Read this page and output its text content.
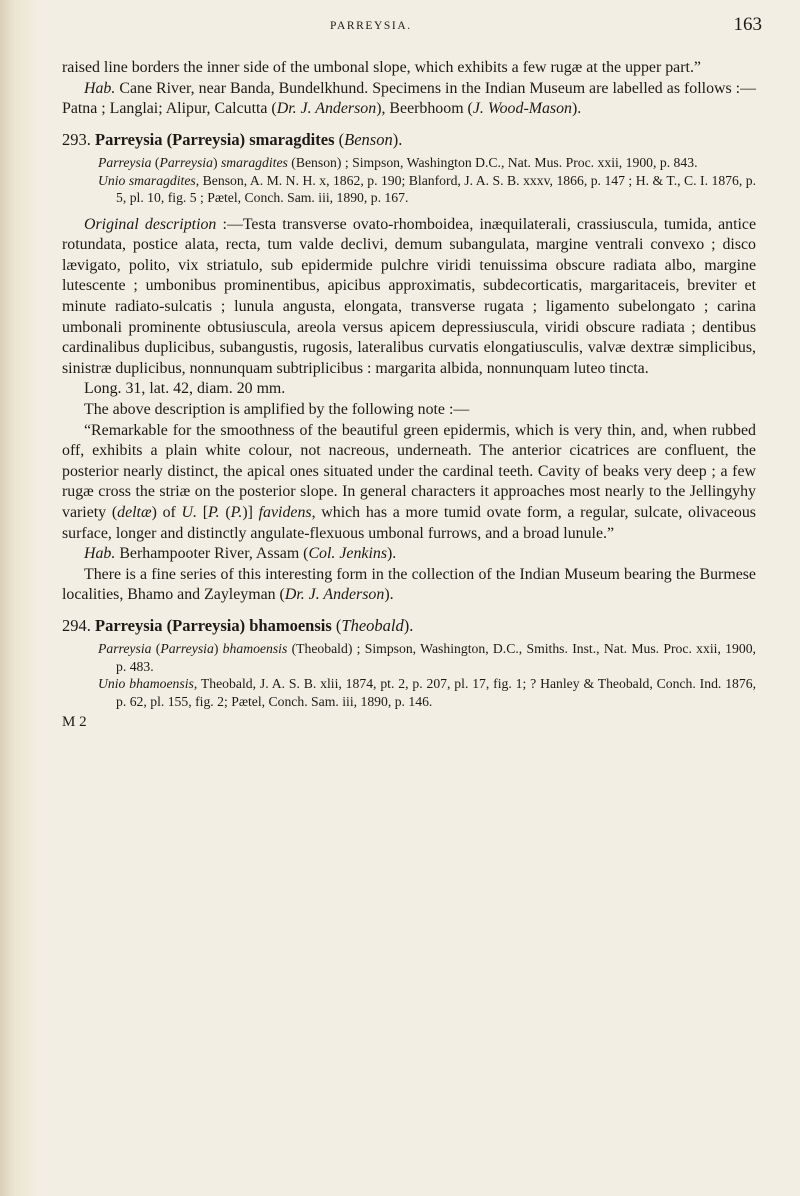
PARREYSIA.	163

raised line borders the inner side of the umbonal slope, which exhibits a few rugæ at the upper part.”

Hab. Cane River, near Banda, Bundelkhund. Specimens in the Indian Museum are labelled as follows :—Patna ; Langlai; Alipur, Calcutta (Dr. J. Anderson), Beerbhoom (J. Wood-Mason).

293. Parreysia (Parreysia) smaragdites (Benson).

Parreysia (Parreysia) smaragdites (Benson) ; Simpson, Washington D.C., Nat. Mus. Proc. xxii, 1900, p. 843.

Unio smaragdites, Benson, A. M. N. H. x, 1862, p. 190; Blanford, J. A. S. B. xxxv, 1866, p. 147 ; H. & T., C. I. 1876, p. 5, pl. 10, fig. 5 ; Pætel, Conch. Sam. iii, 1890, p. 167.

Original description :—Testa transverse ovato-rhomboidea, inæquilaterali, crassiuscula, tumida, antice rotundata, postice alata, recta, tum valde declivi, demum subangulata, margine ventrali convexo ; disco lævigato, polito, vix striatulo, sub epidermide pulchre viridi tenuissima obscure radiata albo, margine lutescente ; umbonibus prominentibus, apicibus approximatis, subdecorticatis, margaritaceis, breviter et minute radiato-sulcatis ; lunula angusta, elongata, transverse rugata ; ligamento subelongato ; carina umbonali prominente obtusiuscula, areola versus apicem depressiuscula, viridi obscure radiata ; dentibus cardinalibus duplicibus, subangustis, rugosis, lateralibus curvatis elongatiusculis, valvæ dextræ simplicibus, sinistræ duplicibus, nonnunquam subtriplicibus : margarita albida, nonnunquam luteo tincta.

Long. 31, lat. 42, diam. 20 mm.

The above description is amplified by the following note :—

“Remarkable for the smoothness of the beautiful green epidermis, which is very thin, and, when rubbed off, exhibits a plain white colour, not nacreous, underneath. The anterior cicatrices are confluent, the posterior nearly distinct, the apical ones situated under the cardinal teeth. Cavity of beaks very deep ; a few rugæ cross the striæ on the posterior slope. In general characters it approaches most nearly to the Jellingyhy variety (deltæ) of U. [P. (P.)] favidens, which has a more tumid ovate form, a regular, sulcate, olivaceous surface, longer and distinctly angulate-flexuous umbonal furrows, and a broad lunule.”

Hab. Berhampooter River, Assam (Col. Jenkins).

There is a fine series of this interesting form in the collection of the Indian Museum bearing the Burmese localities, Bhamo and Zayleyman (Dr. J. Anderson).

294. Parreysia (Parreysia) bhamoensis (Theobald).

Parreysia (Parreysia) bhamoensis (Theobald) ; Simpson, Washington, D.C., Smiths. Inst., Nat. Mus. Proc. xxii, 1900, p. 483.

Unio bhamoensis, Theobald, J. A. S. B. xlii, 1874, pt. 2, p. 207, pl. 17, fig. 1; ? Hanley & Theobald, Conch. Ind. 1876, p. 62, pl. 155, fig. 2; Pætel, Conch. Sam. iii, 1890, p. 146.

M 2
